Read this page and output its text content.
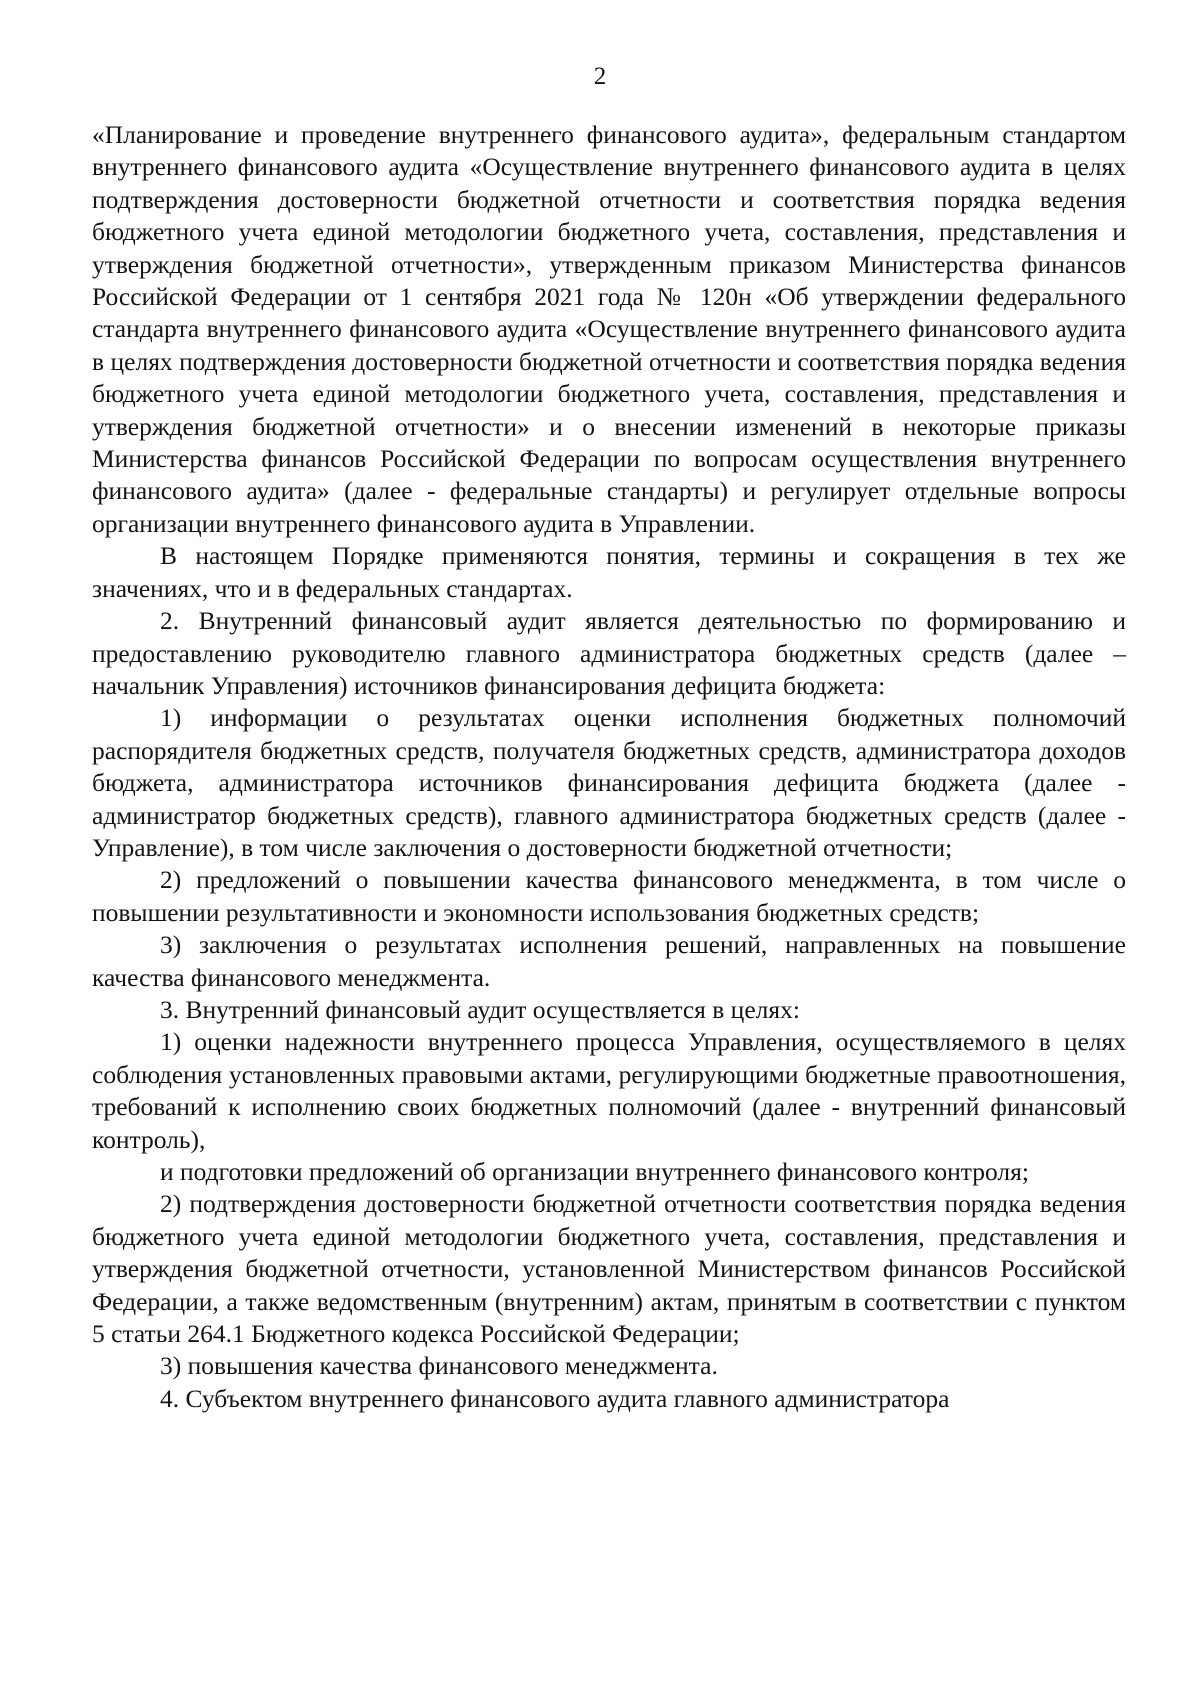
2

«Планирование и проведение внутреннего финансового аудита», федеральным стандартом внутреннего финансового аудита «Осуществление внутреннего финансового аудита в целях подтверждения достоверности бюджетной отчетности и соответствия порядка ведения бюджетного учета единой методологии бюджетного учета, составления, представления и утверждения бюджетной отчетности», утвержденным приказом Министерства финансов Российской Федерации от 1 сентября 2021 года № 120н «Об утверждении федерального стандарта внутреннего финансового аудита «Осуществление внутреннего финансового аудита в целях подтверждения достоверности бюджетной отчетности и соответствия порядка ведения бюджетного учета единой методологии бюджетного учета, составления, представления и утверждения бюджетной отчетности» и о внесении изменений в некоторые приказы Министерства финансов Российской Федерации по вопросам осуществления внутреннего финансового аудита» (далее - федеральные стандарты) и регулирует отдельные вопросы организации внутреннего финансового аудита в Управлении.

В настоящем Порядке применяются понятия, термины и сокращения в тех же значениях, что и в федеральных стандартах.

2. Внутренний финансовый аудит является деятельностью по формированию и предоставлению руководителю главного администратора бюджетных средств (далее – начальник Управления) источников финансирования дефицита бюджета:

1) информации о результатах оценки исполнения бюджетных полномочий распорядителя бюджетных средств, получателя бюджетных средств, администратора доходов бюджета, администратора источников финансирования дефицита бюджета (далее - администратор бюджетных средств), главного администратора бюджетных средств (далее - Управление), в том числе заключения о достоверности бюджетной отчетности;

2) предложений о повышении качества финансового менеджмента, в том числе о повышении результативности и экономности использования бюджетных средств;

3) заключения о результатах исполнения решений, направленных на повышение качества финансового менеджмента.

3. Внутренний финансовый аудит осуществляется в целях:

1) оценки надежности внутреннего процесса Управления, осуществляемого в целях соблюдения установленных правовыми актами, регулирующими бюджетные правоотношения, требований к исполнению своих бюджетных полномочий (далее - внутренний финансовый контроль),

и подготовки предложений об организации внутреннего финансового контроля;

2) подтверждения достоверности бюджетной отчетности соответствия порядка ведения бюджетного учета единой методологии бюджетного учета, составления, представления и утверждения бюджетной отчетности, установленной Министерством финансов Российской Федерации, а также ведомственным (внутренним) актам, принятым в соответствии с пунктом 5 статьи 264.1 Бюджетного кодекса Российской Федерации;

3) повышения качества финансового менеджмента.

4. Субъектом внутреннего финансового аудита главного администратора
